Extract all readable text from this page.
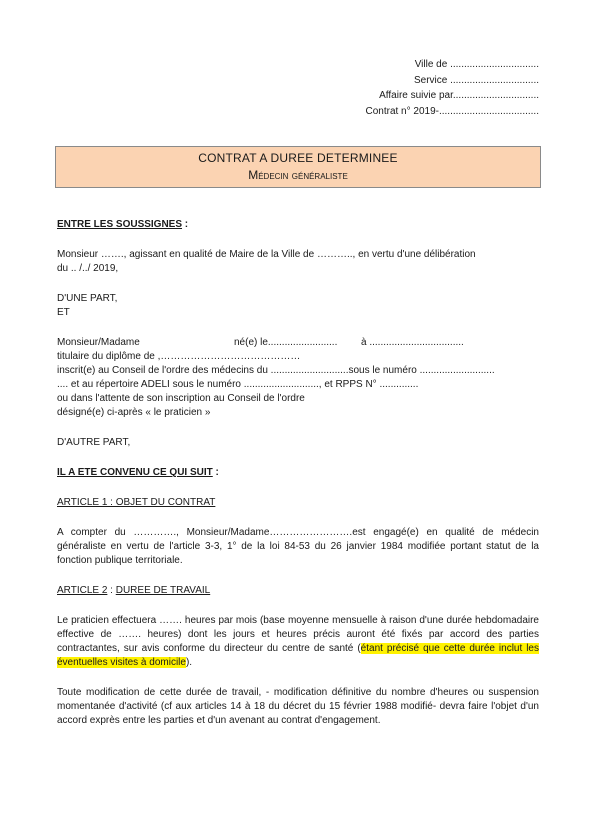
Ville de ................................
Service ................................
Affaire suivie par...............................
Contrat n° 2019-....................................
CONTRAT A DUREE DETERMINEE
Médecin généraliste

ENTRE LES SOUSSIGNES :

Monsieur ……., agissant en qualité de Maire de la Ville de ……….., en vertu d'une délibération

du .. /../ 2019,

D'UNE PART,

ET

Monsieur/Madame	né(e) le......................... à ..................................

titulaire du diplôme de ,……………………………………

inscrit(e) au Conseil de l'ordre des médecins du ............................sous le numéro ...........................

.... et au répertoire ADELI sous le numéro ..........................., et RPPS N° ..............

ou dans l'attente de son inscription au Conseil de l'ordre

désigné(e) ci-après « le praticien »

D'AUTRE PART,

IL A ETE CONVENU CE QUI SUIT :

ARTICLE 1 : OBJET DU CONTRAT

A compter du …………., Monsieur/Madame…………………….est engagé(e) en qualité de médecin généraliste en vertu de l'article 3-3, 1° de la loi 84-53 du 26 janvier 1984 modifiée portant statut de la fonction publique territoriale.

ARTICLE 2 : DUREE DE TRAVAIL

Le praticien effectuera ……. heures par mois (base moyenne mensuelle à raison d'une durée hebdomadaire effective de ……. heures) dont les jours et heures précis auront été fixés par accord des parties contractantes, sur avis conforme du directeur du centre de santé (étant précisé que cette durée inclut les éventuelles visites à domicile).

Toute modification de cette durée de travail, - modification définitive du nombre d'heures ou suspension momentanée d'activité (cf aux articles 14 à 18 du décret du 15 février 1988 modifié- devra faire l'objet d'un accord exprès entre les parties et d'un avenant au contrat d'engagement.
